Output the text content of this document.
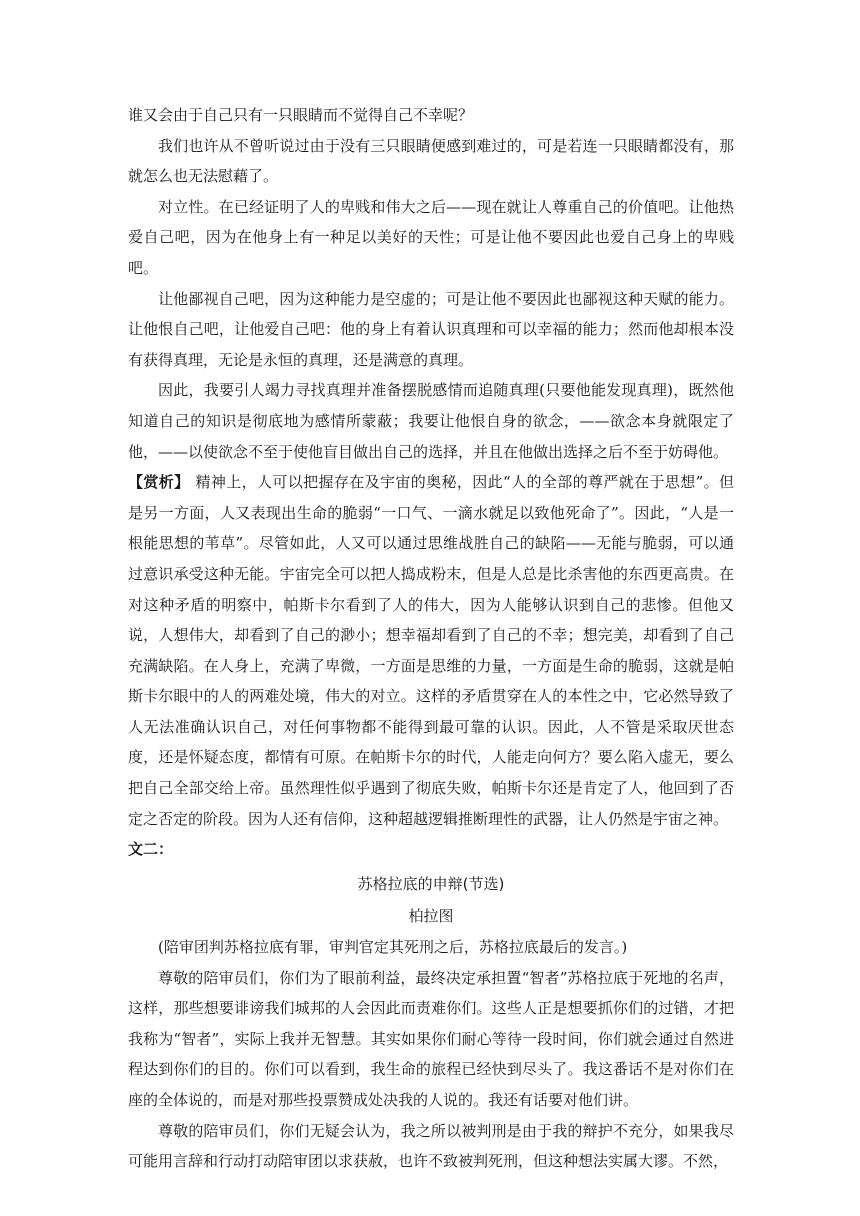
谁又会由于自己只有一只眼睛而不觉得自己不幸呢？

我们也许从不曾听说过由于没有三只眼睛便感到难过的，可是若连一只眼睛都没有，那就怎么也无法慰藉了。

对立性。在已经证明了人的卑贱和伟大之后——现在就让人尊重自己的价值吧。让他热爱自己吧，因为在他身上有一种足以美好的天性；可是让他不要因此也爱自己身上的卑贱吧。

让他鄙视自己吧，因为这种能力是空虚的；可是让他不要因此也鄙视这种天赋的能力。让他恨自己吧，让他爱自己吧：他的身上有着认识真理和可以幸福的能力；然而他却根本没有获得真理，无论是永恒的真理，还是满意的真理。

因此，我要引人竭力寻找真理并准备摆脱感情而追随真理(只要他能发现真理)，既然他知道自己的知识是彻底地为感情所蒙蔽；我要让他恨自身的欲念，——欲念本身就限定了他，——以使欲念不至于使他盲目做出自己的选择，并且在他做出选择之后不至于妨碍他。

【赏析】 精神上，人可以把握存在及宇宙的奥秘，因此“人的全部的尊严就在于思想”。但是另一方面，人又表现出生命的脆弱“一口气、一滴水就足以致他死命了”。因此，“人是一根能思想的苇草”。尽管如此，人又可以通过思维战胜自己的缺陷——无能与脆弱，可以通过意识承受这种无能。宇宙完全可以把人捣成粉末，但是人总是比杀害他的东西更高贵。在对这种矛盾的明察中，帕斯卡尔看到了人的伟大，因为人能够认识到自己的悲惨。但他又说，人想伟大，却看到了自己的渺小；想幸福却看到了自己的不幸；想完美，却看到了自己充满缺陷。在人身上，充满了卑微，一方面是思维的力量，一方面是生命的脆弱，这就是帕斯卡尔眼中的人的两难处境，伟大的对立。这样的矛盾贯穿在人的本性之中，它必然导致了人无法准确认识自己，对任何事物都不能得到最可靠的认识。因此，人不管是采取厌世态度，还是怀疑态度，都情有可原。在帕斯卡尔的时代，人能走向何方？要么陷入虚无，要么把自己全部交给上帝。虽然理性似乎遇到了彻底失败，帕斯卡尔还是肯定了人，他回到了否定之否定的阶段。因为人还有信仰，这种超越逻辑推断理性的武器，让人仍然是宇宙之神。

文二：

苏格拉底的申辩(节选)

柏拉图

(陪审团判苏格拉底有罪，审判官定其死刑之后，苏格拉底最后的发言。)

尊敬的陪审员们，你们为了眼前利益，最终决定承担置“智者”苏格拉底于死地的名声，这样，那些想要诽谤我们城邦的人会因此而责难你们。这些人正是想要抓你们的过错，才把我称为“智者”，实际上我并无智慧。其实如果你们耐心等待一段时间，你们就会通过自然进程达到你们的目的。你们可以看到，我生命的旅程已经快到尽头了。我这番话不是对你们在座的全体说的，而是对那些投票赞成处决我的人说的。我还有话要对他们讲。

尊敬的陪审员们，你们无疑会认为，我之所以被判刑是由于我的辩护不充分，如果我尽可能用言辞和行动打动陪审团以求获赦，也许不致被判死刑，但这种想法实属大谬。不然，
